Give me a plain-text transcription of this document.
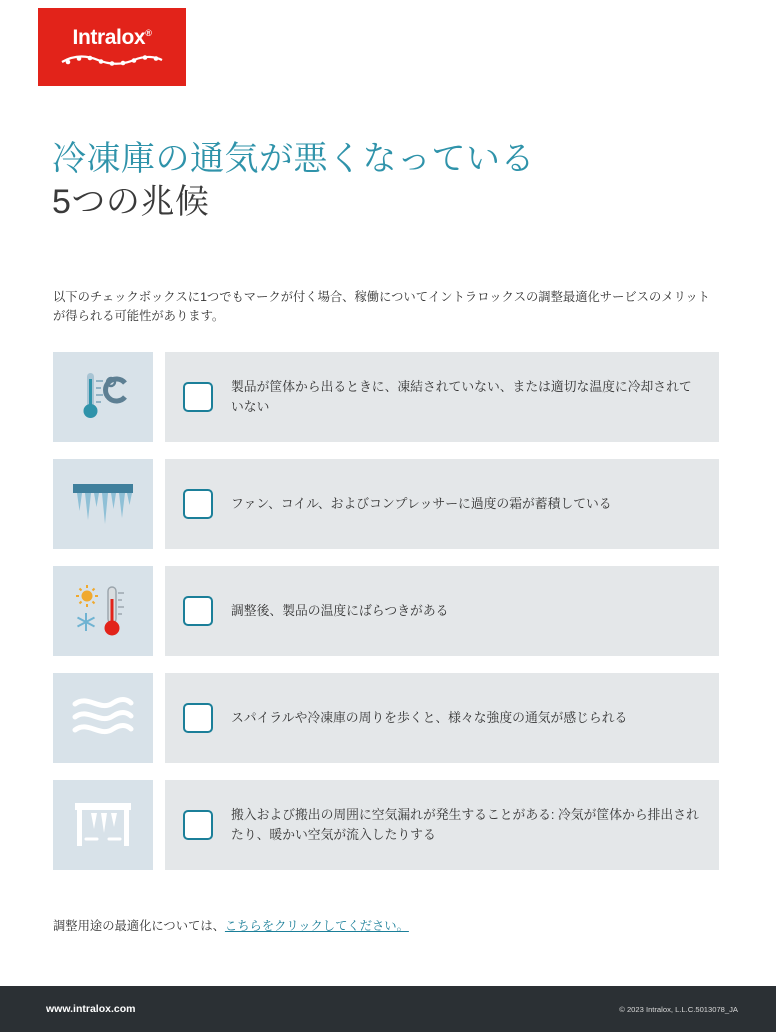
Intralox®
冷凍庫の通気が悪くなっている
5つの兆候
以下のチェックボックスに1つでもマークが付く場合、稼働についてイントラロックスの調整最適化サービスのメリットが得られる可能性があります。
製品が筐体から出るときに、凍結されていない、または適切な温度に冷却されていない
ファン、コイル、およびコンプレッサーに過度の霜が蓄積している
調整後、製品の温度にばらつきがある
スパイラルや冷凍庫の周りを歩くと、様々な強度の通気が感じられる
搬入および搬出の周囲に空気漏れが発生することがある: 冷気が筐体から排出されたり、暖かい空気が流入したりする
調整用途の最適化については、こちらをクリックしてください。
www.intralox.com	© 2023 Intralox, L.L.C.5013078_JA
